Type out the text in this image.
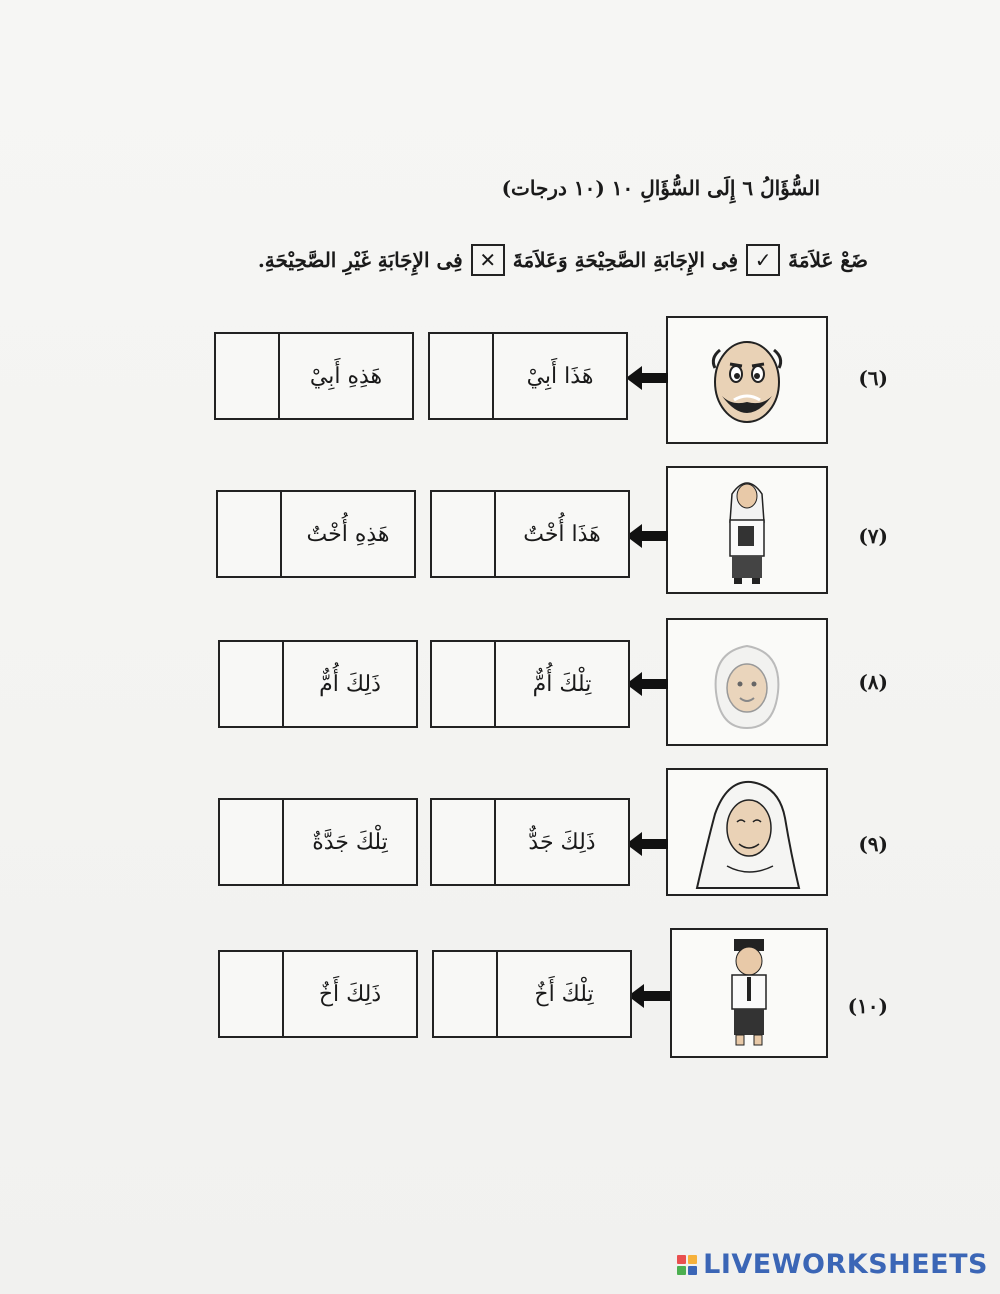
السُّؤَالُ ٦ إِلَى السُّؤَالِ ١٠ (١٠ درجات)
ضَعْ عَلاَمَةَ
✓
فِى الإِجَابَةِ الصَّحِيْحَةِ وَعَلاَمَةَ
✕
فِى الإِجَابَةِ غَيْرِ الصَّحِيْحَةِ.
(٦)
هَذَا أَبِيْ
هَذِهِ أَبِيْ
(٧)
هَذَا أُخْتٌ
هَذِهِ أُخْتٌ
(٨)
تِلْكَ أُمٌّ
ذَلِكَ أُمٌّ
(٩)
ذَلِكَ جَدٌّ
تِلْكَ جَدَّةٌ
(١٠)
تِلْكَ أَخٌ
ذَلِكَ أَخٌ
LIVEWORKSHEETS
